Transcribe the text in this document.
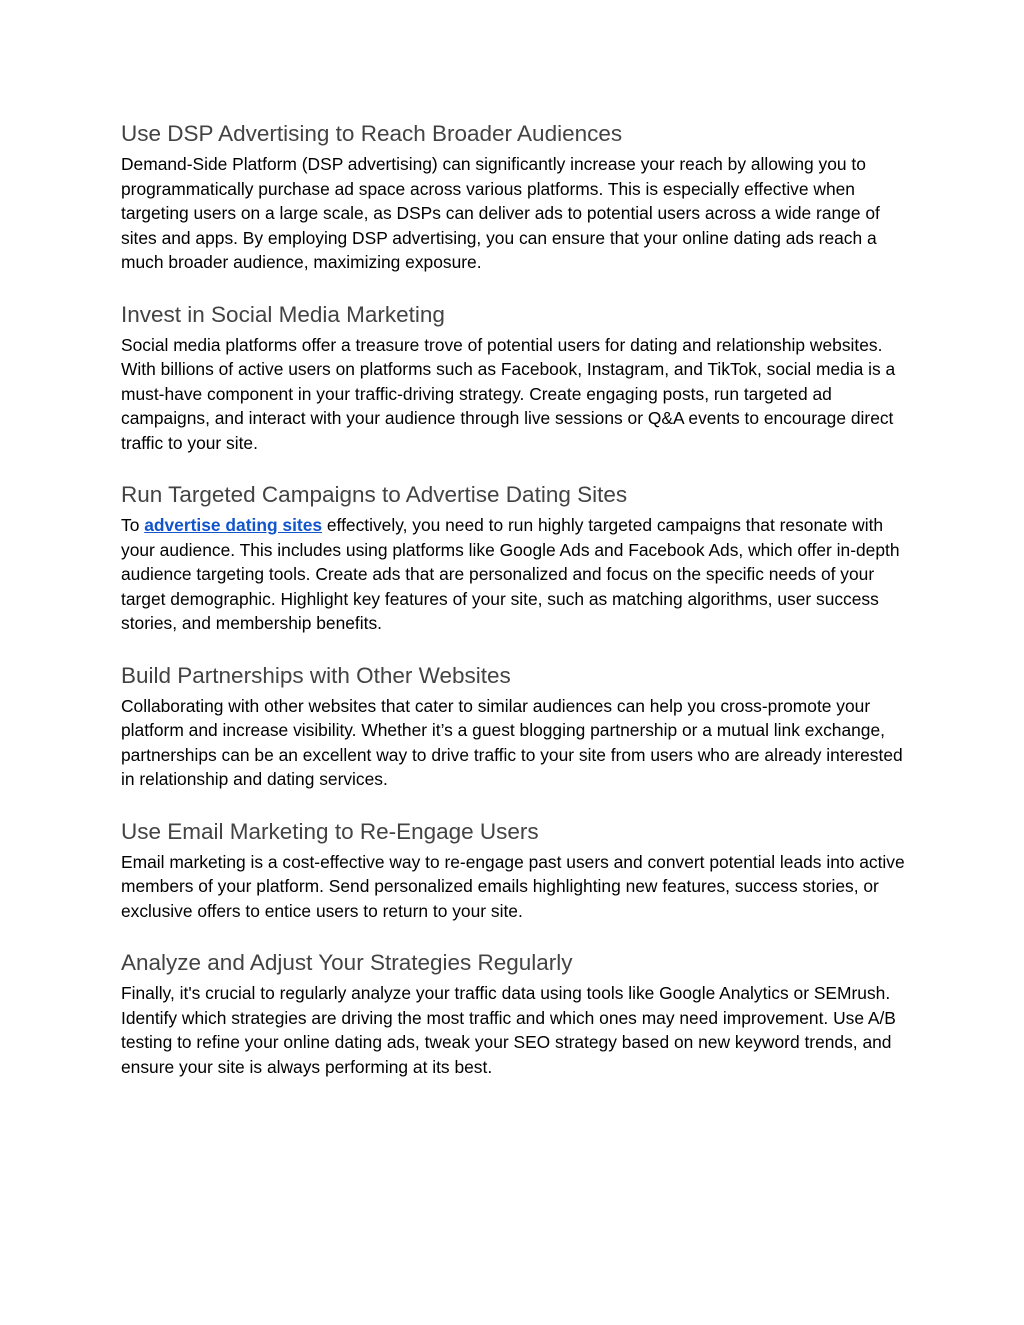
Use DSP Advertising to Reach Broader Audiences

Demand-Side Platform (DSP advertising) can significantly increase your reach by allowing you to programmatically purchase ad space across various platforms. This is especially effective when targeting users on a large scale, as DSPs can deliver ads to potential users across a wide range of sites and apps. By employing DSP advertising, you can ensure that your online dating ads reach a much broader audience, maximizing exposure.

Invest in Social Media Marketing

Social media platforms offer a treasure trove of potential users for dating and relationship websites. With billions of active users on platforms such as Facebook, Instagram, and TikTok, social media is a must-have component in your traffic-driving strategy. Create engaging posts, run targeted ad campaigns, and interact with your audience through live sessions or Q&A events to encourage direct traffic to your site.

Run Targeted Campaigns to Advertise Dating Sites

To advertise dating sites effectively, you need to run highly targeted campaigns that resonate with your audience. This includes using platforms like Google Ads and Facebook Ads, which offer in-depth audience targeting tools. Create ads that are personalized and focus on the specific needs of your target demographic. Highlight key features of your site, such as matching algorithms, user success stories, and membership benefits.

Build Partnerships with Other Websites

Collaborating with other websites that cater to similar audiences can help you cross-promote your platform and increase visibility. Whether it’s a guest blogging partnership or a mutual link exchange, partnerships can be an excellent way to drive traffic to your site from users who are already interested in relationship and dating services.

Use Email Marketing to Re-Engage Users

Email marketing is a cost-effective way to re-engage past users and convert potential leads into active members of your platform. Send personalized emails highlighting new features, success stories, or exclusive offers to entice users to return to your site.

Analyze and Adjust Your Strategies Regularly

Finally, it's crucial to regularly analyze your traffic data using tools like Google Analytics or SEMrush. Identify which strategies are driving the most traffic and which ones may need improvement. Use A/B testing to refine your online dating ads, tweak your SEO strategy based on new keyword trends, and ensure your site is always performing at its best.
